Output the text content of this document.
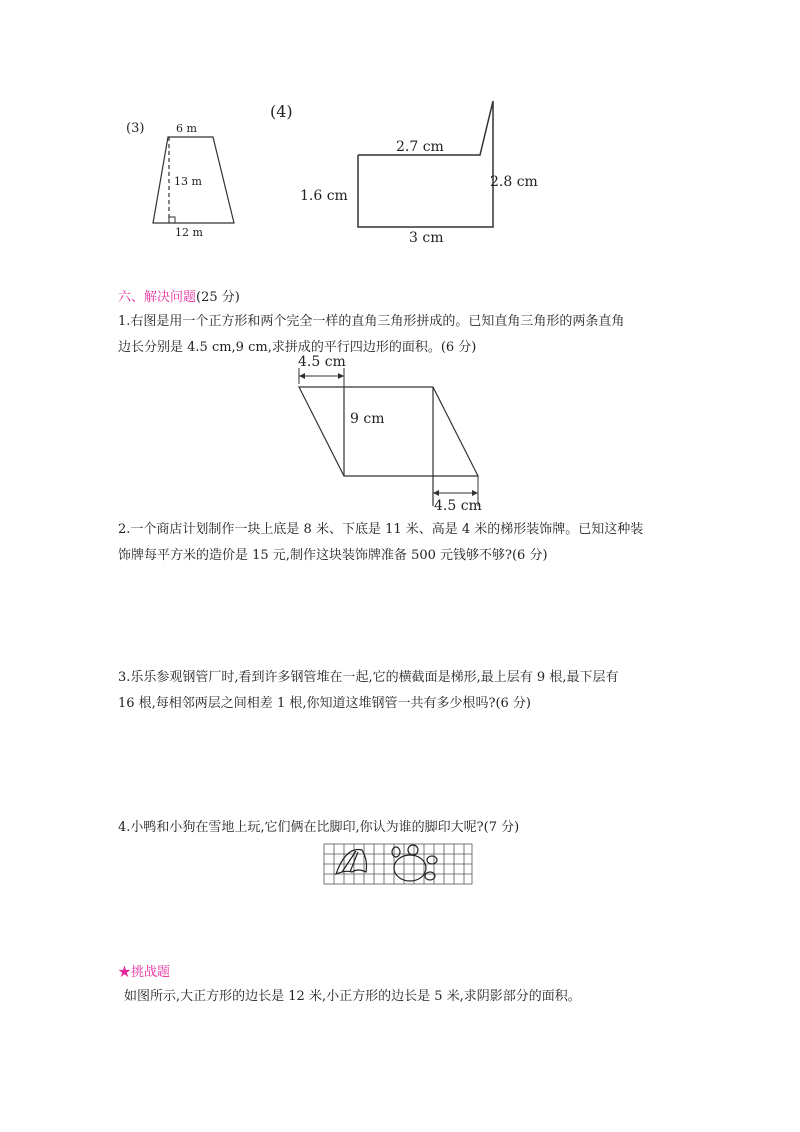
(3)	6 m
13 m
12 m
(4)
2.7 cm
1.6 cm
2.8 cm
3 cm
六、解决问题(25 分)
1.右图是用一个正方形和两个完全一样的直角三角形拼成的。已知直角三角形的两条直角
边长分别是 4.5 cm,9 cm,求拼成的平行四边形的面积。(6 分)
4.5 cm
9 cm
4.5 cm
2.一个商店计划制作一块上底是 8 米、下底是 11 米、高是 4 米的梯形装饰牌。已知这种装
饰牌每平方米的造价是 15 元,制作这块装饰牌准备 500 元钱够不够?(6 分)
3.乐乐参观钢管厂时,看到许多钢管堆在一起,它的横截面是梯形,最上层有 9 根,最下层有
16 根,每相邻两层之间相差 1 根,你知道这堆钢管一共有多少根吗?(6 分)
4.小鸭和小狗在雪地上玩,它们俩在比脚印,你认为谁的脚印大呢?(7 分)
★挑战题
如图所示,大正方形的边长是 12 米,小正方形的边长是 5 米,求阴影部分的面积。
